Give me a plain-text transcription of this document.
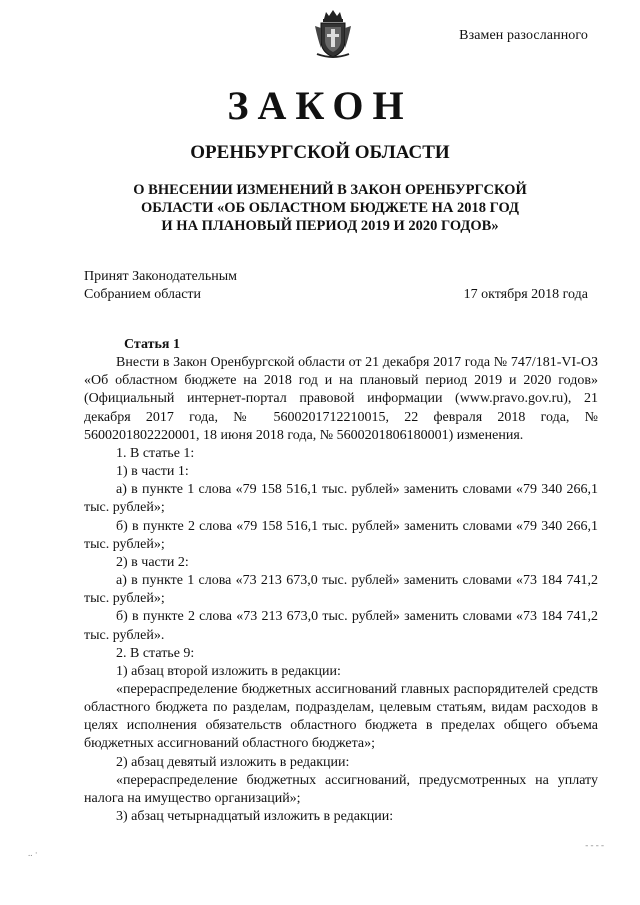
Взамен разосланного
ЗАКОН
ОРЕНБУРГСКОЙ ОБЛАСТИ
О ВНЕСЕНИИ ИЗМЕНЕНИЙ В ЗАКОН ОРЕНБУРГСКОЙ
ОБЛАСТИ «ОБ ОБЛАСТНОМ БЮДЖЕТЕ НА 2018 ГОД
И НА ПЛАНОВЫЙ ПЕРИОД 2019 И 2020 ГОДОВ»
Принят Законодательным
Собранием области	17 октября 2018 года

Статья 1

Внести в Закон Оренбургской области от 21 декабря 2017 года № 747/181-VI-ОЗ «Об областном бюджете на 2018 год и на плановый период 2019 и 2020 годов» (Официальный интернет-портал правовой информации (www.pravo.gov.ru), 21 декабря 2017 года, № 5600201712210015, 22 февраля 2018 года, № 5600201802220001, 18 июня 2018 года, № 5600201806180001) изменения.

1. В статье 1:

1) в части 1:

а) в пункте 1 слова «79 158 516,1 тыс. рублей» заменить словами «79 340 266,1 тыс. рублей»;

б) в пункте 2 слова «79 158 516,1 тыс. рублей» заменить словами «79 340 266,1 тыс. рублей»;

2) в части 2:

а) в пункте 1 слова «73 213 673,0 тыс. рублей» заменить словами «73 184 741,2 тыс. рублей»;

б) в пункте 2 слова «73 213 673,0 тыс. рублей» заменить словами «73 184 741,2 тыс. рублей».

2. В статье 9:

1) абзац второй изложить в редакции:

«перераспределение бюджетных ассигнований главных распорядителей средств областного бюджета по разделам, подразделам, целевым статьям, видам расходов в целях исполнения обязательств областного бюджета в пределах общего объема бюджетных ассигнований областного бюджета»;

2) абзац девятый изложить в редакции:

«перераспределение бюджетных ассигнований, предусмотренных на уплату налога на имущество организаций»;

3) абзац четырнадцатый изложить в редакции:

.. ·
- - - -
